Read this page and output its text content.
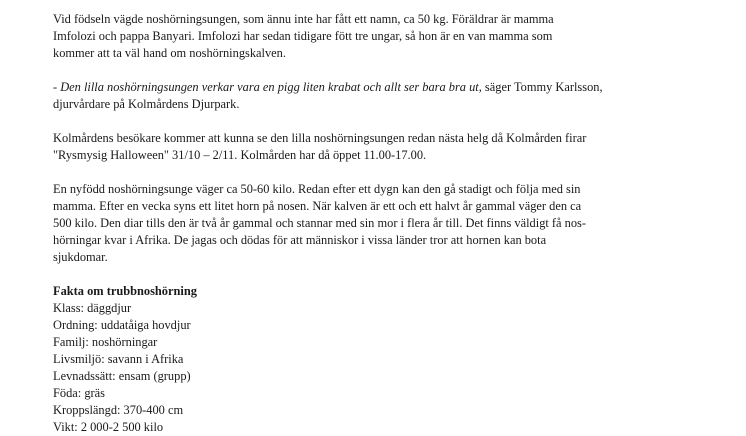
Vid födseln vägde noshörningsungen, som ännu inte har fått ett namn, ca 50 kg. Föräldrar är mamma
Imfolozi och pappa Banyari. Imfolozi har sedan tidigare fött tre ungar, så hon är en van mamma som
kommer att ta väl hand om noshörningskalven.

- Den lilla noshörningsungen verkar vara en pigg liten krabat och allt ser bara bra ut, säger Tommy Karlsson,
djurvårdare på Kolmårdens Djurpark.

Kolmårdens besökare kommer att kunna se den lilla noshörningsungen redan nästa helg då Kolmården firar
"Rysmysig Halloween" 31/10 – 2/11. Kolmården har då öppet 11.00-17.00.

En nyfödd noshörningsunge väger ca 50-60 kilo. Redan efter ett dygn kan den gå stadigt och följa med sin
mamma. Efter en vecka syns ett litet horn på nosen. När kalven är ett och ett halvt år gammal väger den ca
500 kilo. Den diar tills den är två år gammal och stannar med sin mor i flera år till. Det finns väldigt få nos-
hörningar kvar i Afrika. De jagas och dödas för att människor i vissa länder tror att hornen kan bota
sjukdomar.

Fakta om trubbnoshörning
Klass: däggdjur
Ordning: uddatåiga hovdjur
Familj: noshörningar
Livsmiljö: savann i Afrika
Levnadssätt: ensam (grupp)
Föda: gräs
Kroppslängd: 370-400 cm
Vikt: 2 000-2 500 kilo
